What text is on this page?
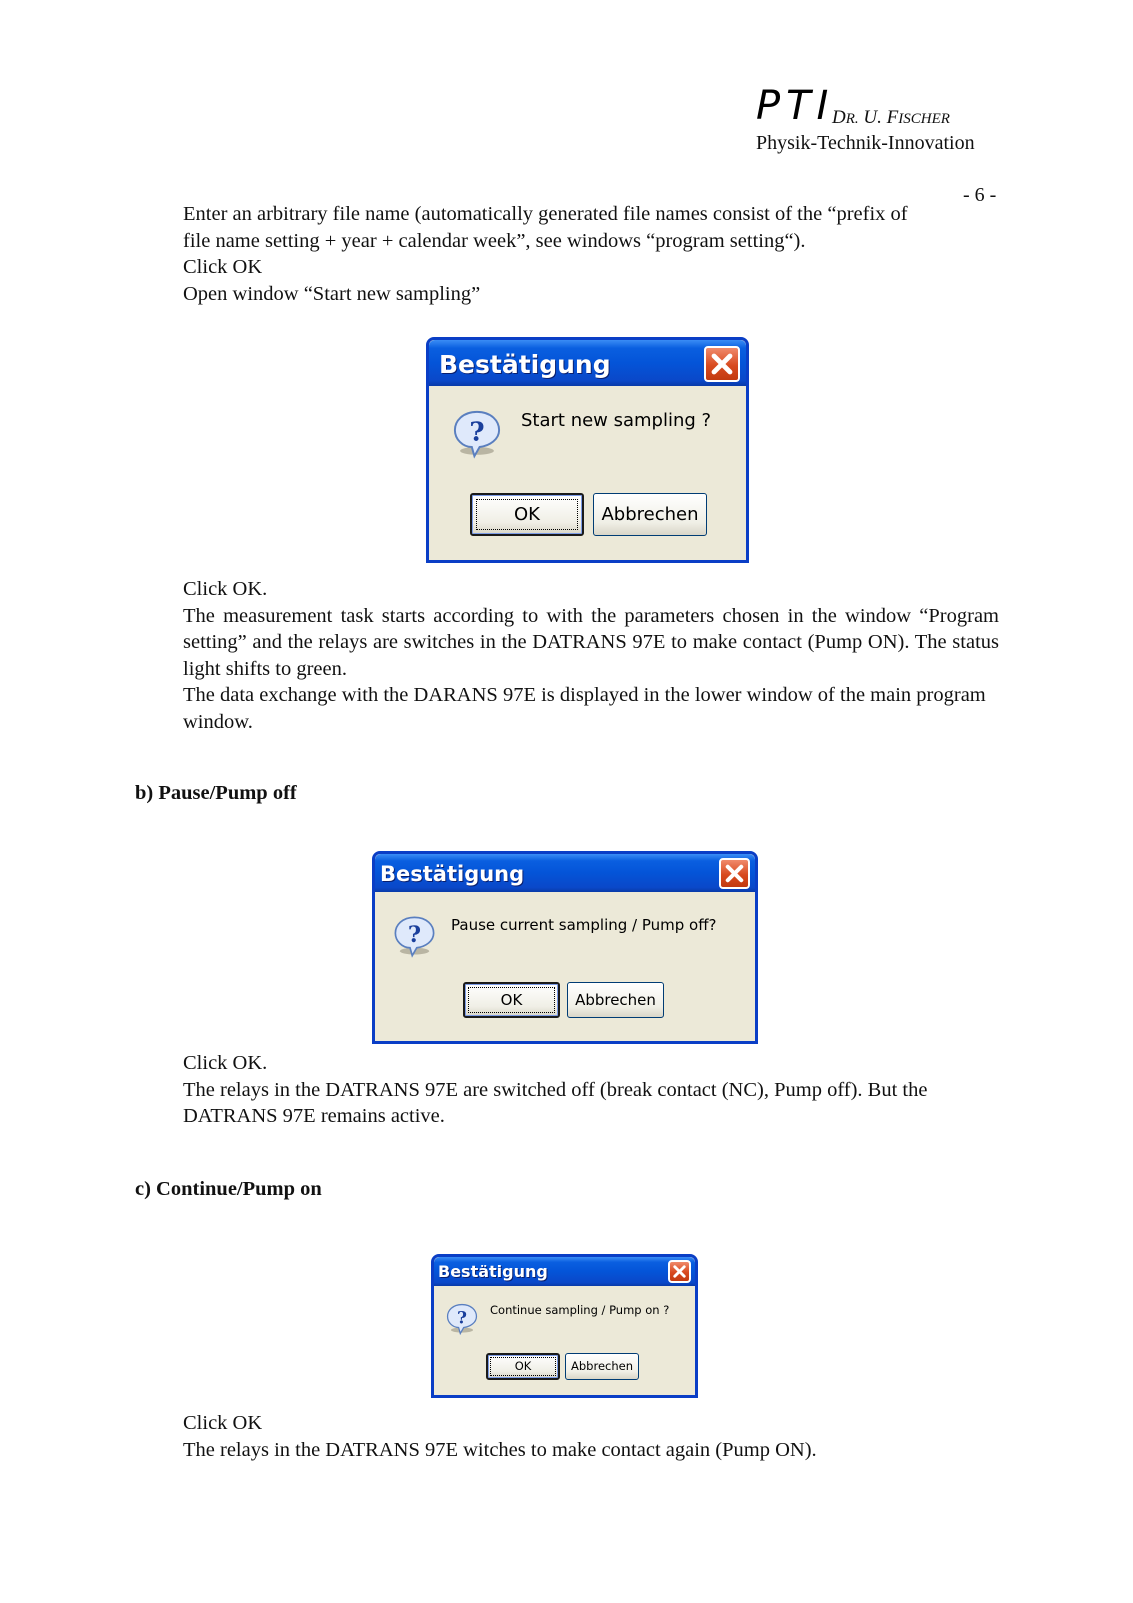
PTI
DR. U. FISCHER
Physik-Technik-Innovation
- 6 -

Enter an arbitrary file name (automatically generated file names consist of the “prefix of

file name setting + year + calendar week”, see windows “program setting“).

Click OK

Open window “Start new sampling”

Bestätigung
? Start new sampling ?
OK	Abbrechen

Click OK.

The measurement task starts according to with the parameters chosen in the window “Program setting” and the relays are switches in the DATRANS 97E to make contact (Pump ON). The status light shifts to green.

The data exchange with the DARANS 97E is displayed in the lower window of the main program window.

b) Pause/Pump off
Bestätigung
? Pause current sampling / Pump off?
OK	Abbrechen

Click OK.

The relays in the DATRANS 97E are switched off (break contact (NC), Pump off). But the DATRANS 97E remains active.

c) Continue/Pump on
Bestätigung
? Continue sampling / Pump on ?
OK	Abbrechen

Click OK

The relays in the DATRANS 97E witches to make contact again (Pump ON).
